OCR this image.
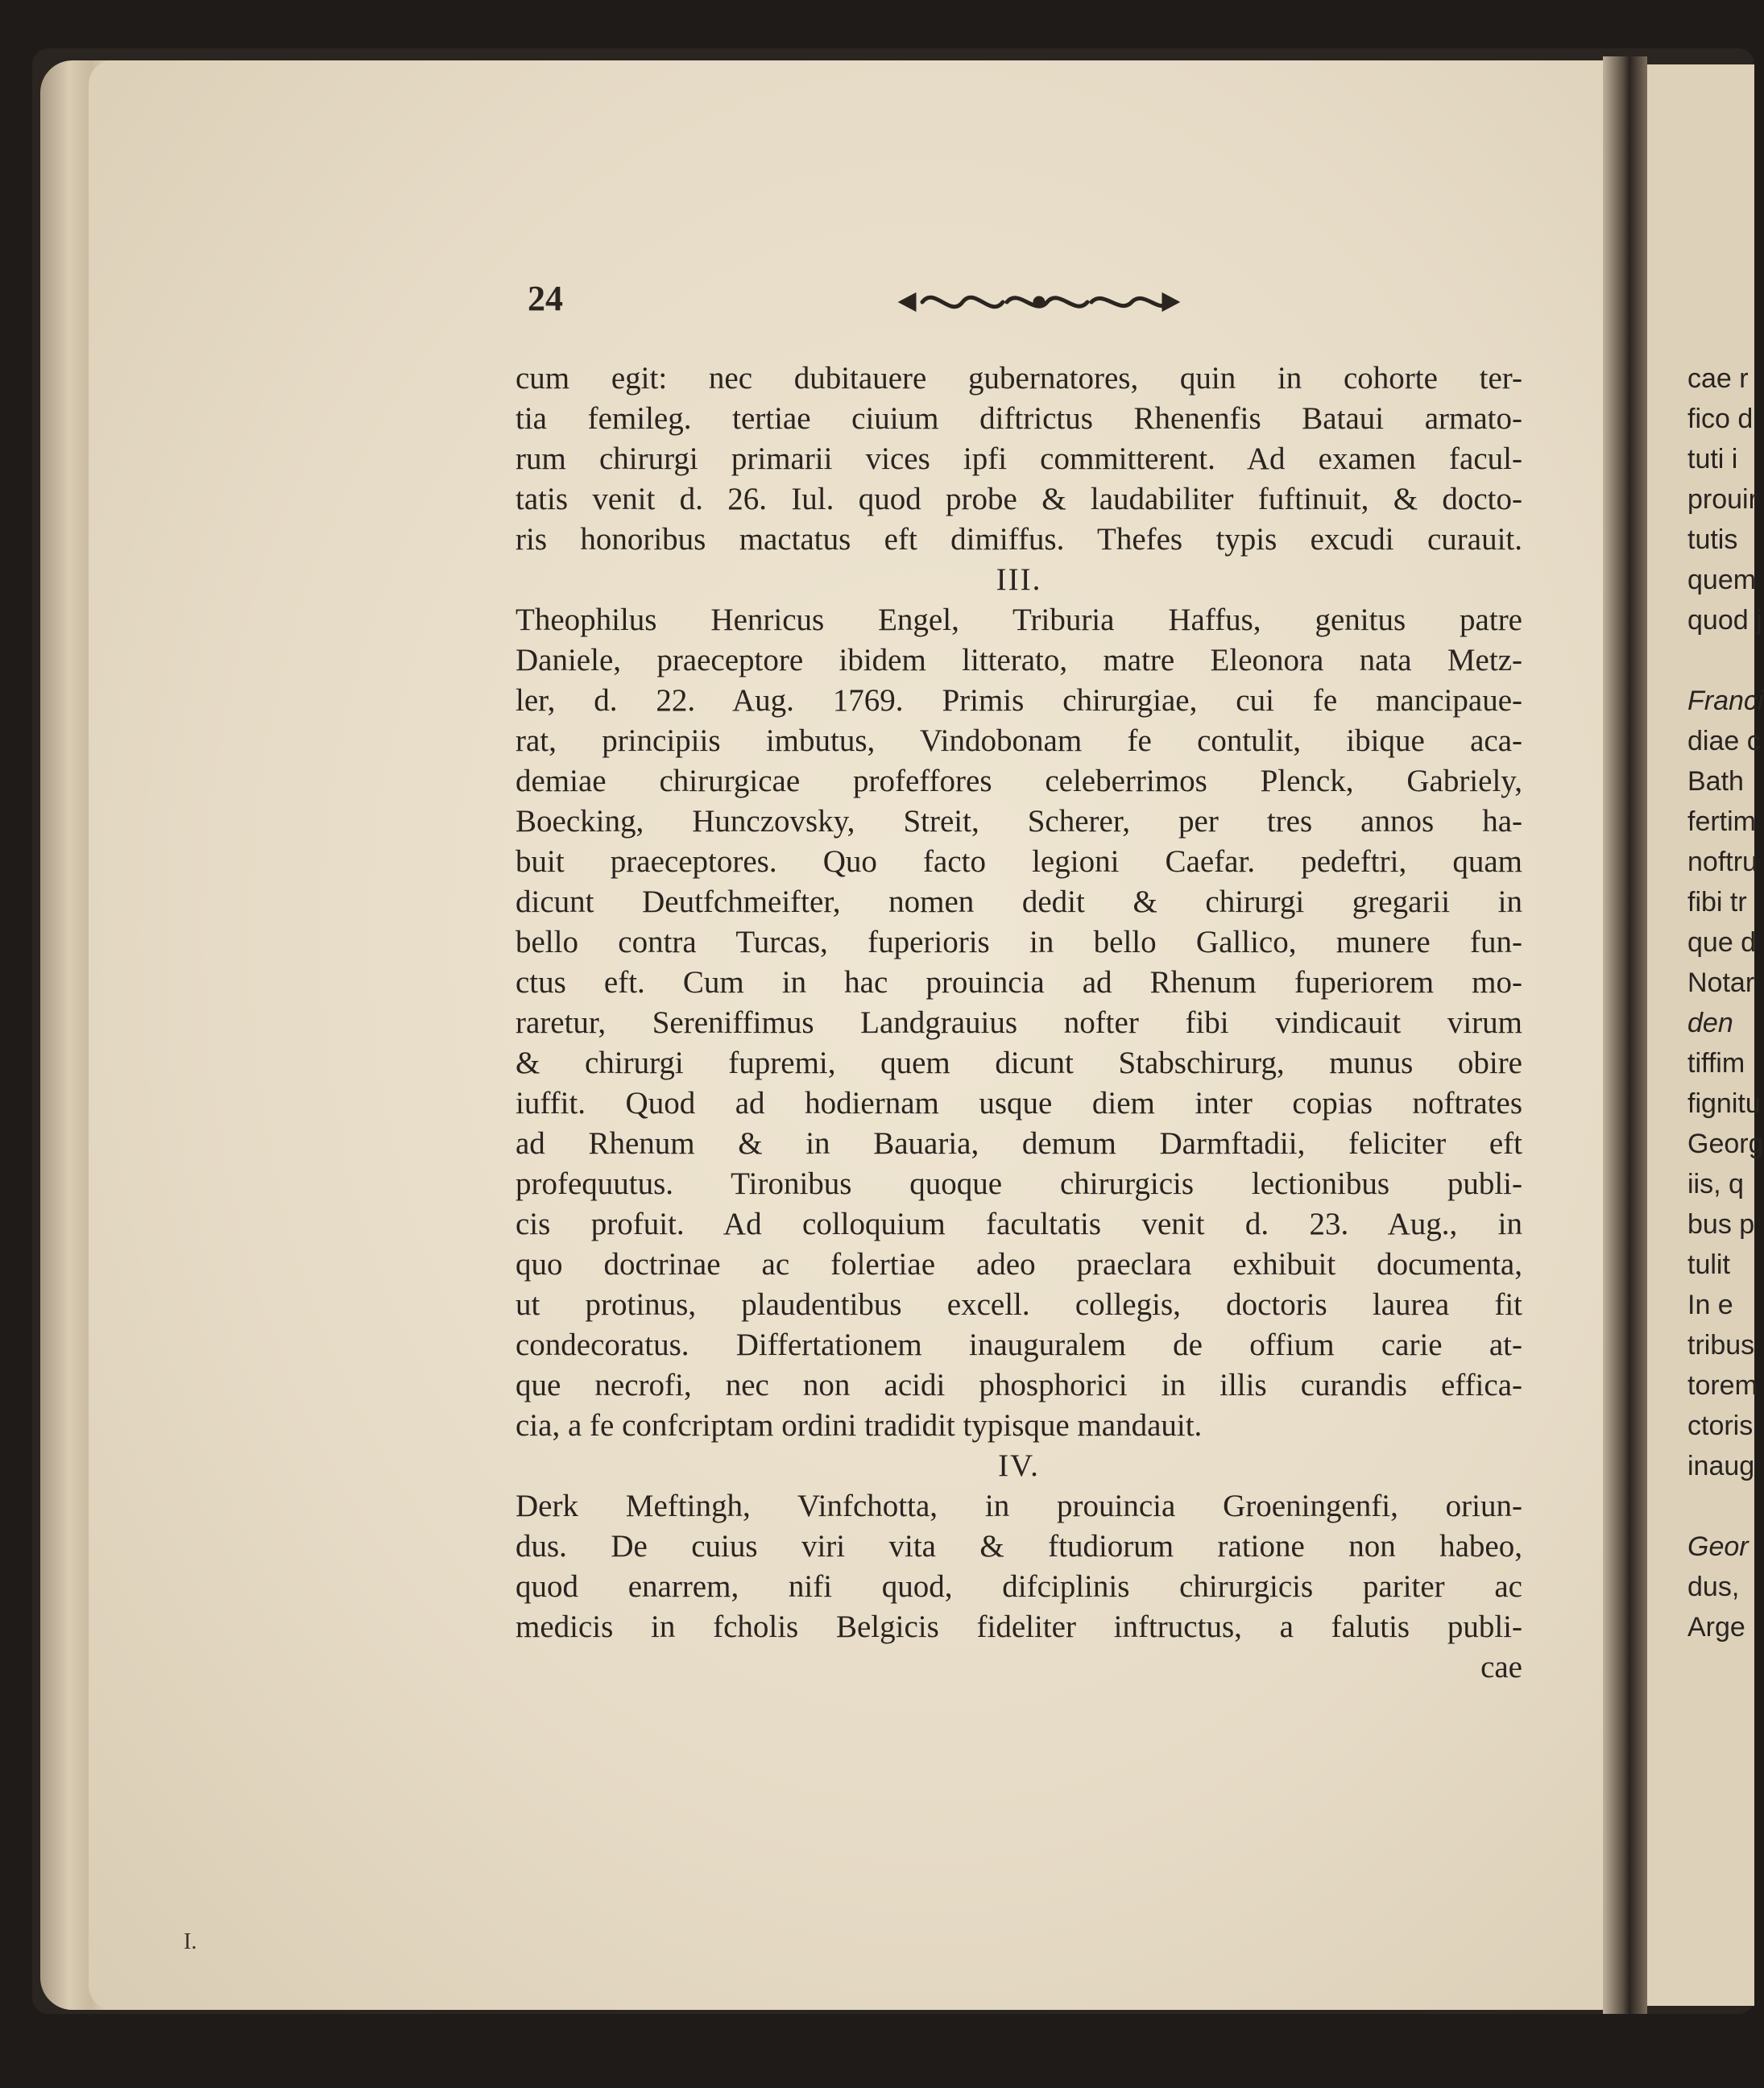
24
cum egit: nec dubitauere gubernatores, quin in cohorte ter-
tia femileg. tertiae ciuium diftrictus Rhenenfis Bataui armato-
rum chirurgi primarii vices ipfi committerent. Ad examen facul-
tatis venit d. 26. Iul. quod probe & laudabiliter fuftinuit, & docto-
ris honoribus mactatus eft dimiffus. Thefes typis excudi curauit.
III.
Theophilus Henricus Engel, Triburia Haffus, genitus patre
Daniele, praeceptore ibidem litterato, matre Eleonora nata Metz-
ler, d. 22. Aug. 1769. Primis chirurgiae, cui fe mancipaue-
rat, principiis imbutus, Vindobonam fe contulit, ibique aca-
demiae chirurgicae profeffores celeberrimos Plenck, Gabriely,
Boecking, Hunczovsky, Streit, Scherer, per tres annos ha-
buit praeceptores. Quo facto legioni Caefar. pedeftri, quam
dicunt Deutfchmeifter, nomen dedit & chirurgi gregarii in
bello contra Turcas, fuperioris in bello Gallico, munere fun-
ctus eft. Cum in hac prouincia ad Rhenum fuperiorem mo-
raretur, Sereniffimus Landgrauius nofter fibi vindicauit virum
& chirurgi fupremi, quem dicunt Stabschirurg, munus obire
iuffit. Quod ad hodiernam usque diem inter copias noftrates
ad Rhenum & in Bauaria, demum Darmftadii, feliciter eft
profequutus. Tironibus quoque chirurgicis lectionibus publi-
cis profuit. Ad colloquium facultatis venit d. 23. Aug., in
quo doctrinae ac folertiae adeo praeclara exhibuit documenta,
ut protinus, plaudentibus excell. collegis, doctoris laurea fit
condecoratus. Differtationem inauguralem de offium carie at-
que necrofi, nec non acidi phosphorici in illis curandis effica-
cia, a fe confcriptam ordini tradidit typisque mandauit.
IV.
Derk Meftingh, Vinfchotta, in prouincia Groeningenfi, oriun-
dus. De cuius viri vita & ftudiorum ratione non habeo,
quod enarrem, nifi quod, difciplinis chirurgicis pariter ac
medicis in fcholis Belgicis fideliter inftructus, a falutis publi-
cae
cae r
fico d
tuti i
prouir
tutis
quem
quod j
Franci
diae c
Bath
fertim
noftru
fibi tr
que d
Notar
den
tiffim
fignitu
Georg
iis, q
bus p
tulit
In e
tribus
torem
ctoris
inaug
Geor
dus,
Arge
I.
